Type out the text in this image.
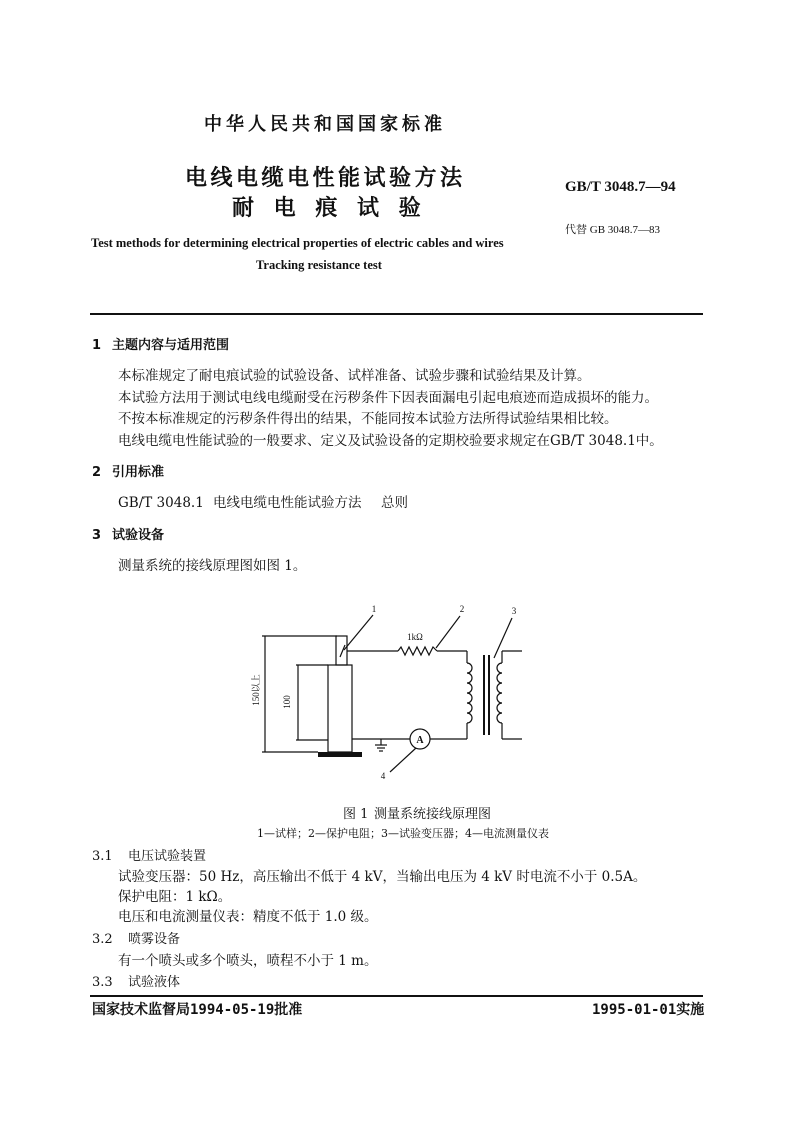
中华人民共和国国家标准
电线电缆电性能试验方法
耐 电 痕 试 验
GB/T 3048.7—94
代替 GB 3048.7—83
Test methods for determining electrical properties of electric cables and wires
Tracking resistance test
1 主题内容与适用范围
本标准规定了耐电痕试验的试验设备、试样准备、试验步骤和试验结果及计算。
本试验方法用于测试电线电缆耐受在污秽条件下因表面漏电引起电痕迹而造成损坏的能力。
不按本标准规定的污秽条件得出的结果，不能同按本试验方法所得试验结果相比较。
电线电缆电性能试验的一般要求、定义及试验设备的定期校验要求规定在GB/T 3048.1中。
2 引用标准
GB/T 3048.1 电线电缆电性能试验方法 总则
3 试验设备
测量系统的接线原理图如图 1。
150以上 100
1kΩ
A
1	2	3
4
图 1 测量系统接线原理图
1—试样；2—保护电阻；3—试验变压器；4—电流测量仪表
3.1 电压试验装置
试验变压器：50 Hz，高压输出不低于 4 kV，当输出电压为 4 kV 时电流不小于 0.5A。
保护电阻：1 kΩ。
电压和电流测量仪表：精度不低于 1.0 级。
3.2 喷雾设备
有一个喷头或多个喷头，喷程不小于 1 m。
3.3 试验液体
国家技术监督局1994-05-19批准	1995-01-01实施
